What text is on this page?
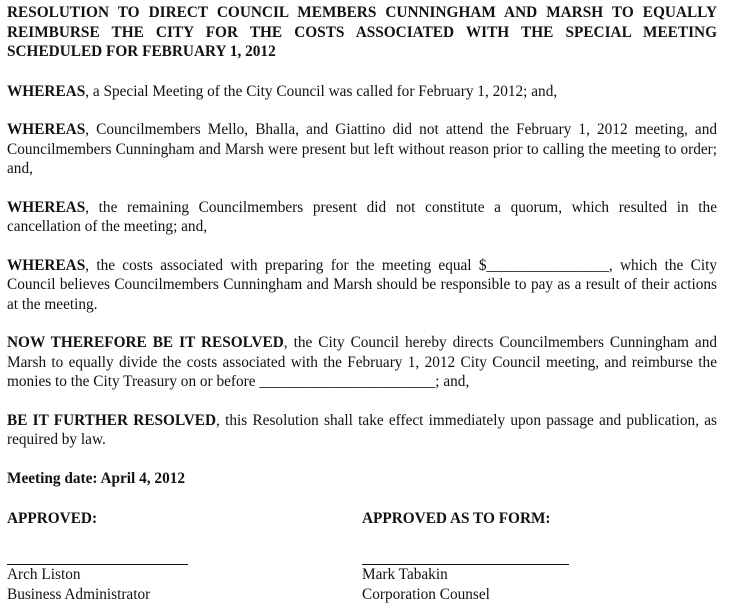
RESOLUTION TO DIRECT COUNCIL MEMBERS CUNNINGHAM AND MARSH TO EQUALLY REIMBURSE THE CITY FOR THE COSTS ASSOCIATED WITH THE SPECIAL MEETING SCHEDULED FOR FEBRUARY 1, 2012
WHEREAS, a Special Meeting of the City Council was called for February 1, 2012; and,
WHEREAS, Councilmembers Mello, Bhalla, and Giattino did not attend the February 1, 2012 meeting, and Councilmembers Cunningham and Marsh were present but left without reason prior to calling the meeting to order; and,
WHEREAS, the remaining Councilmembers present did not constitute a quorum, which resulted in the cancellation of the meeting; and,
WHEREAS, the costs associated with preparing for the meeting equal $________________, which the City Council believes Councilmembers Cunningham and Marsh should be responsible to pay as a result of their actions at the meeting.
NOW THEREFORE BE IT RESOLVED, the City Council hereby directs Councilmembers Cunningham and Marsh to equally divide the costs associated with the February 1, 2012 City Council meeting, and reimburse the monies to the City Treasury on or before _______________________; and,
BE IT FURTHER RESOLVED, this Resolution shall take effect immediately upon passage and publication, as required by law.
Meeting date: April 4, 2012
APPROVED:
Arch Liston
Business Administrator
APPROVED AS TO FORM:
Mark Tabakin
Corporation Counsel
